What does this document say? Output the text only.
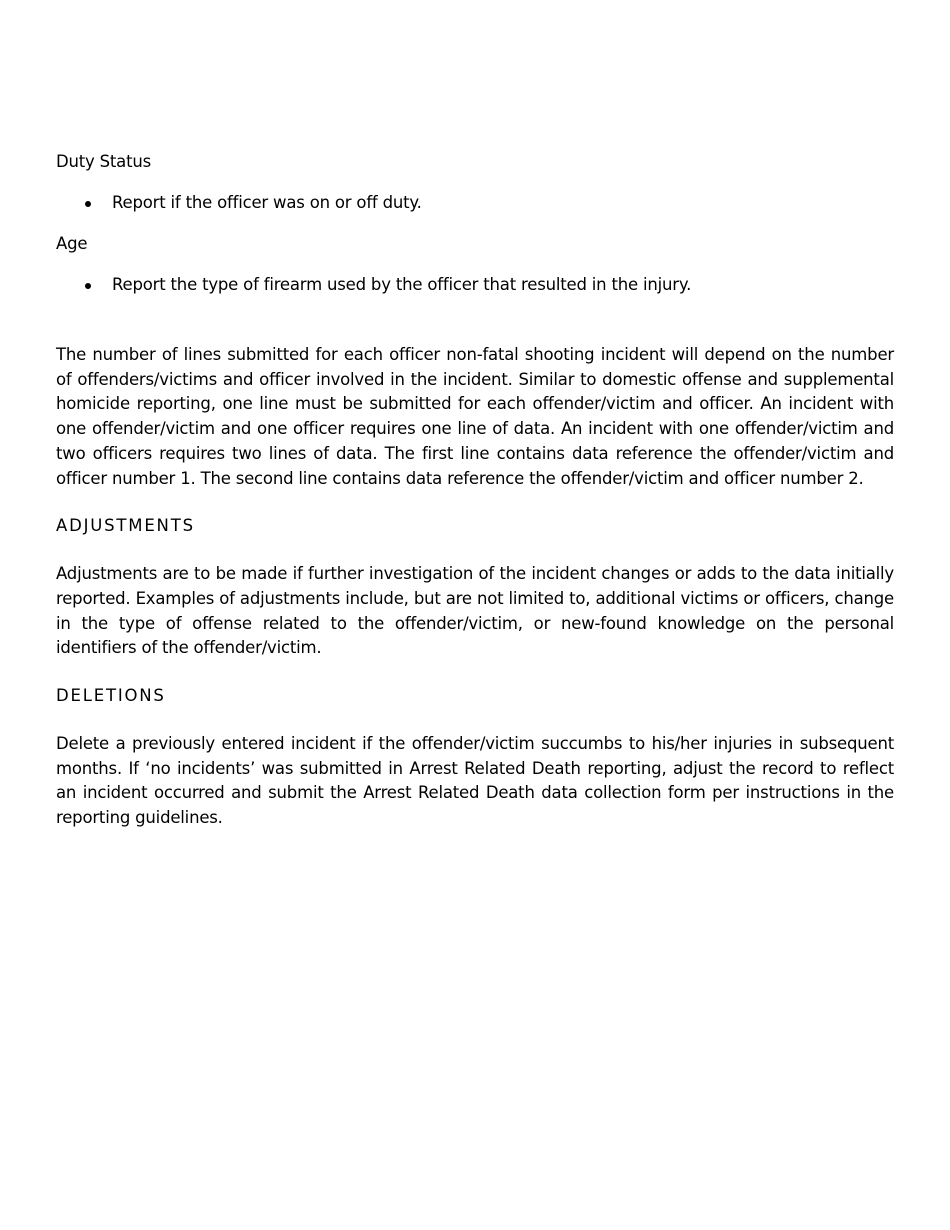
Duty Status
Report if the officer was on or off duty.
Age
Report the type of firearm used by the officer that resulted in the injury.

The number of lines submitted for each officer non-fatal shooting incident will depend on the number of offenders/victims and officer involved in the incident. Similar to domestic offense and supplemental homicide reporting, one line must be submitted for each offender/victim and officer. An incident with one offender/victim and one officer requires one line of data. An incident with one offender/victim and two officers requires two lines of data. The first line contains data reference the offender/victim and officer number 1. The second line contains data reference the offender/victim and officer number 2.

ADJUSTMENTS

Adjustments are to be made if further investigation of the incident changes or adds to the data initially reported. Examples of adjustments include, but are not limited to, additional victims or officers, change in the type of offense related to the offender/victim, or new-found knowledge on the personal identifiers of the offender/victim.

DELETIONS

Delete a previously entered incident if the offender/victim succumbs to his/her injuries in subsequent months. If ‘no incidents’ was submitted in Arrest Related Death reporting, adjust the record to reflect an incident occurred and submit the Arrest Related Death data collection form per instructions in the reporting guidelines.
